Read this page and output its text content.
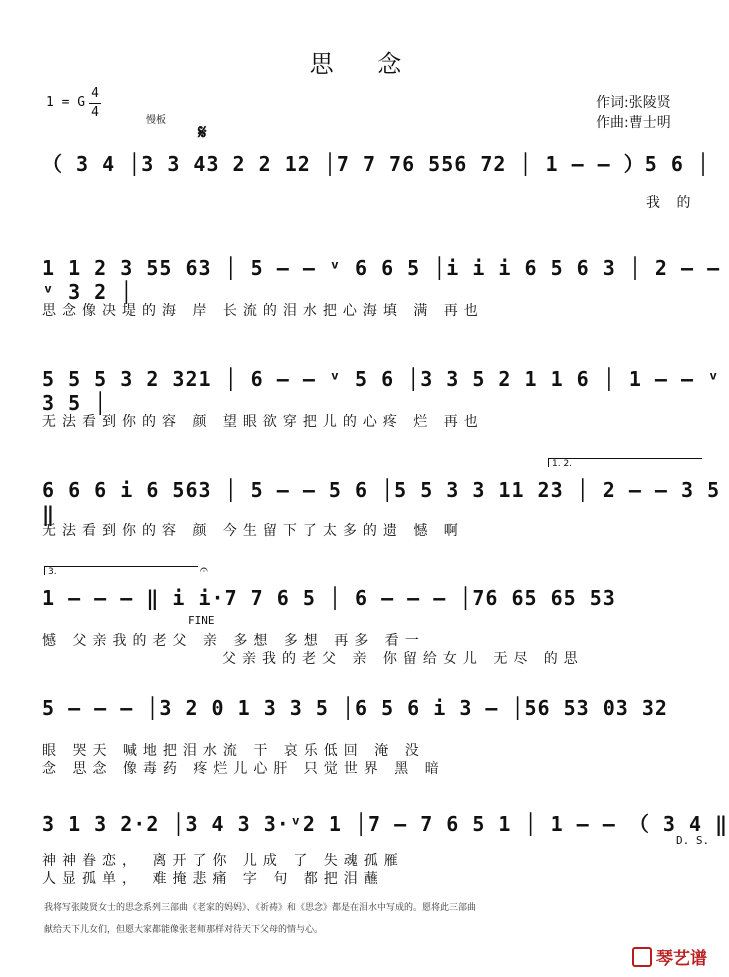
思 念
1 = G
4
4
慢板
作词:张陵贤
作曲:曹士明
𝄋
（ 3 4 │3 3 43 2 2 12 │7 7 76 556 72 │ 1 — — ）5 6 │
我 的
1 1 2 3 55 63 │ 5 — — ᵛ 6 6 5 │i i i 6 5 6 3 │ 2 — — ᵛ 3 2 │
思念像决堤的海 岸 长流的泪水把心海填 满 再也
5 5 5 3 2 321 │ 6 — — ᵛ 5 6 │3 3 5 2 1 1 6 │ 1 — — ᵛ 3 5 │
无法看到你的容 颜 望眼欲穿把儿的心疼 烂 再也
1. 2.
6 6 6 i 6 563 │ 5 — — 5 6 │5 5 3 3 11 23 │ 2 — — 3 5 ‖
无法看到你的容 颜 今生留下了太多的遗 憾 啊
3.	𝄐
1 — — — ‖ i i·7 7 6 5 │ 6 — — — │76 65 65 53
FINE
憾 父亲我的老父 亲 多想 多想 再多 看一
父亲我的老父 亲 你留给女儿 无尽 的思
5 — — — │3 2 0 1 3 3 5 │6 5 6 i 3 — │56 53 03 32
眼 哭天 喊地把泪水流 干 哀乐低回 淹 没
念 思念 像毒药 疼烂儿心肝 只觉世界 黑 暗
3 1 3 2·2 │3 4 3 3·ᵛ2 1 │7 — 7 6 5 1 │ 1 — — （ 3 4 ‖
D. S.
神神眷恋， 离开了你 儿成 了 失魂孤雁
人显孤单， 难掩悲痛 字 句 都把泪蘸
我将写张陵贤女士的思念系列三部曲《老家的妈妈》、《祈祷》和《思念》都是在泪水中写成的。愿将此三部曲
献给天下儿女们，但愿大家都能像张老师那样对待天下父母的情与心。
琴艺谱
